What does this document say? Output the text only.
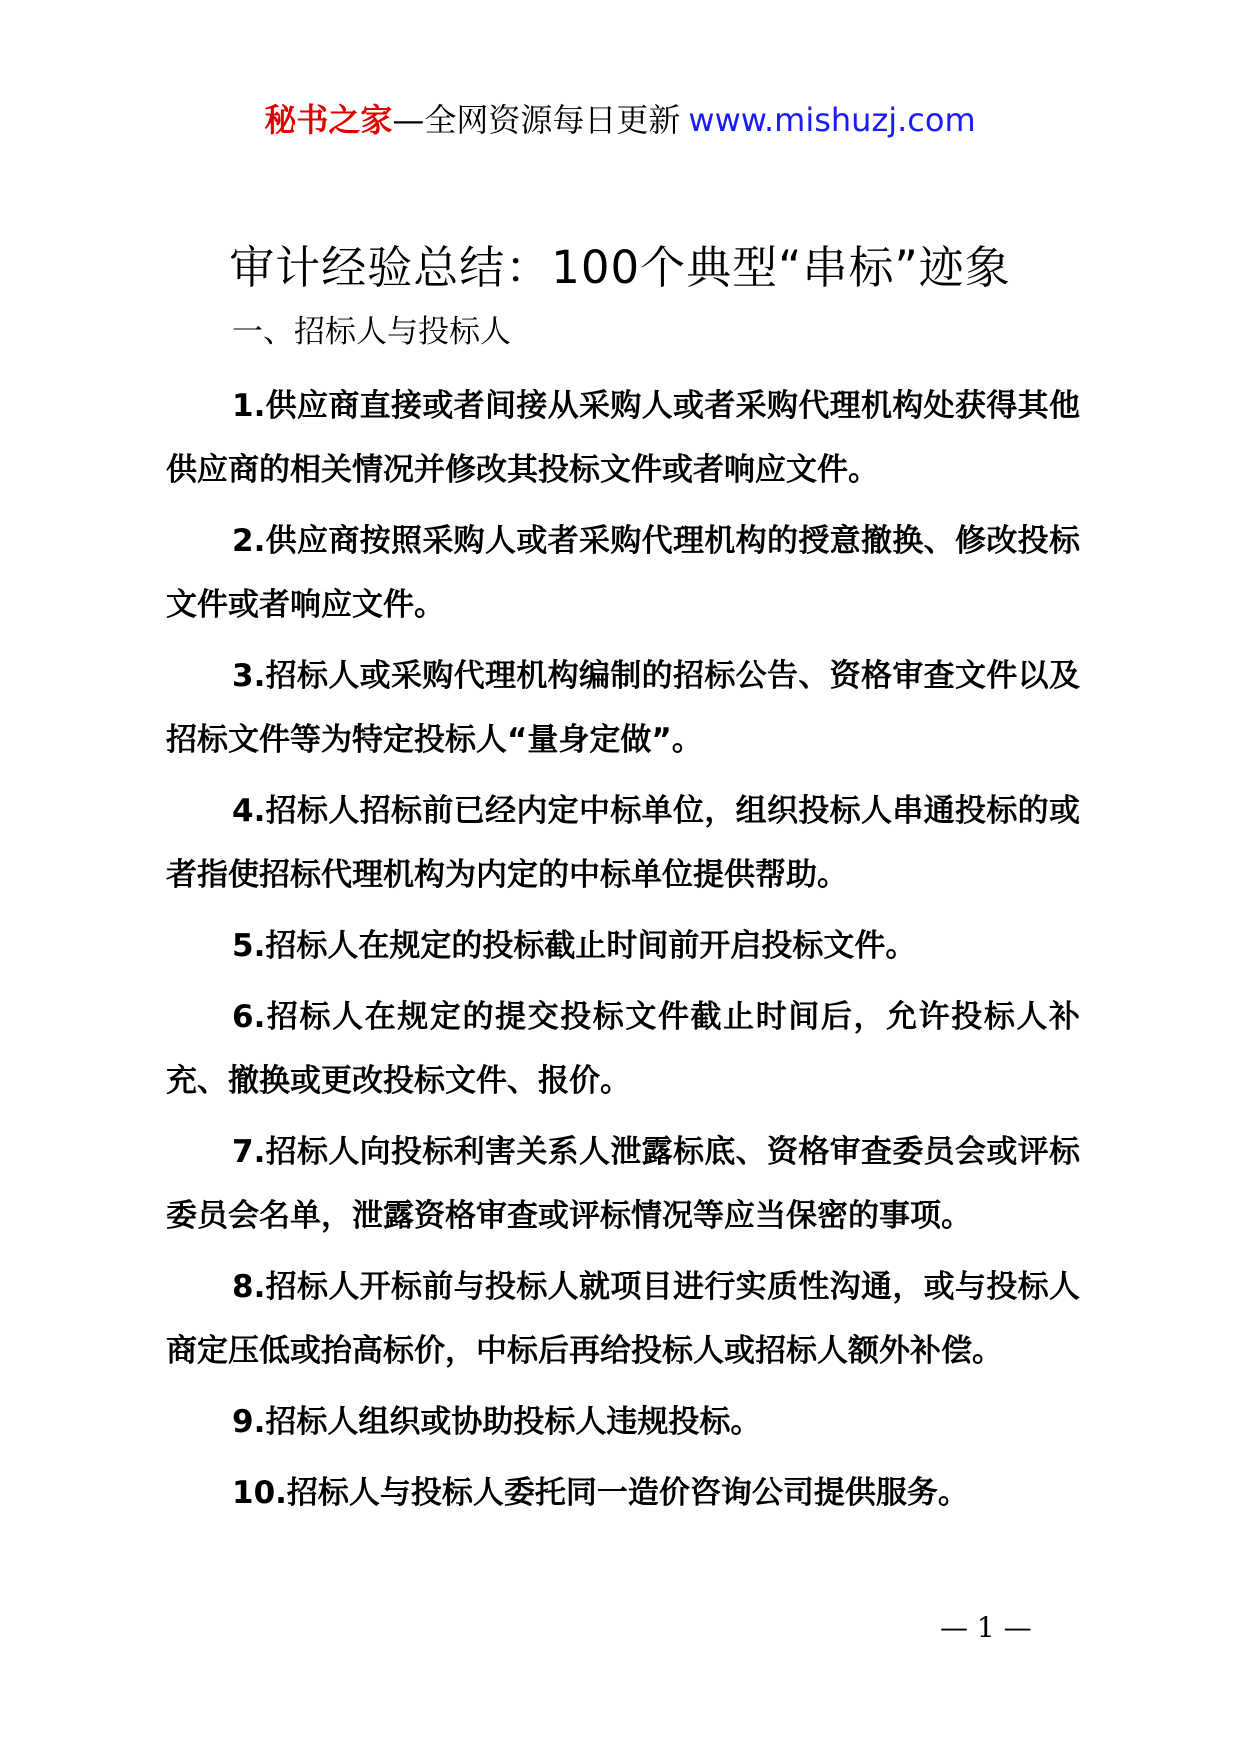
秘书之家—全网资源每日更新 www.mishuzj.com
审计经验总结：100个典型“串标”迹象
一、招标人与投标人

1.供应商直接或者间接从采购人或者采购代理机构处获得其他供应商的相关情况并修改其投标文件或者响应文件。

2.供应商按照采购人或者采购代理机构的授意撤换、修改投标文件或者响应文件。

3.招标人或采购代理机构编制的招标公告、资格审查文件以及招标文件等为特定投标人“量身定做”。

4.招标人招标前已经内定中标单位，组织投标人串通投标的或者指使招标代理机构为内定的中标单位提供帮助。

5.招标人在规定的投标截止时间前开启投标文件。

6.招标人在规定的提交投标文件截止时间后，允许投标人补充、撤换或更改投标文件、报价。

7.招标人向投标利害关系人泄露标底、资格审查委员会或评标委员会名单，泄露资格审查或评标情况等应当保密的事项。

8.招标人开标前与投标人就项目进行实质性沟通，或与投标人商定压低或抬高标价，中标后再给投标人或招标人额外补偿。

9.招标人组织或协助投标人违规投标。

10.招标人与投标人委托同一造价咨询公司提供服务。

— 1 —
